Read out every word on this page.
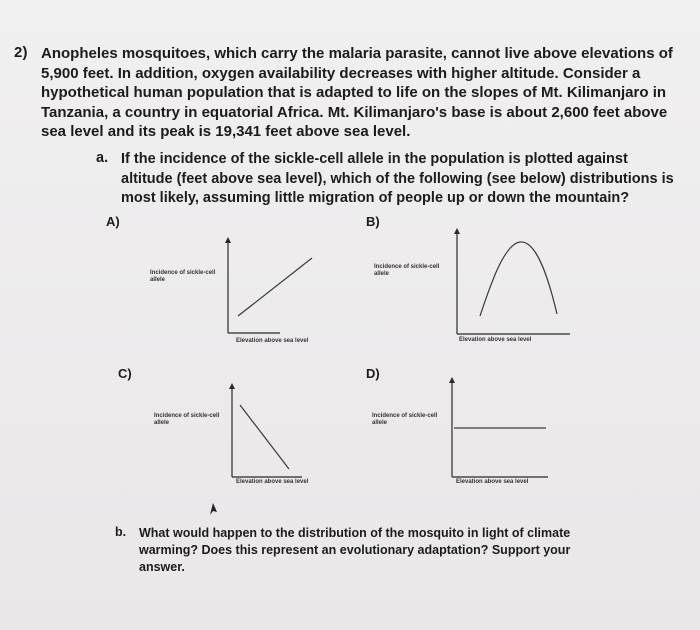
2) Anopheles mosquitoes, which carry the malaria parasite, cannot live above elevations of
5,900 feet. In addition, oxygen availability decreases with higher altitude. Consider a
hypothetical human population that is adapted to life on the slopes of Mt. Kilimanjaro in
Tanzania, a country in equatorial Africa. Mt. Kilimanjaro's base is about 2,600 feet above
sea level and its peak is 19,341 feet above sea level.
a. If the incidence of the sickle-cell allele in the population is plotted against
altitude (feet above sea level), which of the following (see below) distributions is
most likely, assuming little migration of people up or down the mountain?
A)	B)
C)	D)
Incidence of sickle-cell
allele
Elevation above sea level
Incidence of sickle-cell
allele
Elevation above sea level
Incidence of sickle-cell
allele
Elevation above sea level
Incidence of sickle-cell
allele
Elevation above sea level
b. What would happen to the distribution of the mosquito in light of climate
warming? Does this represent an evolutionary adaptation? Support your
answer.
